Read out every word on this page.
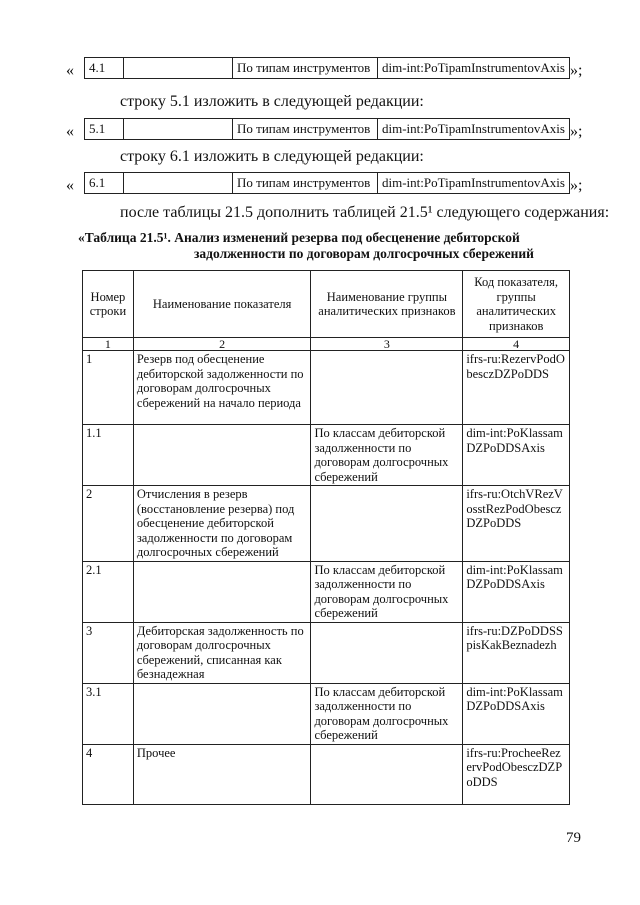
« 4.1		По типам инструментов	dim-int:PoTipamInstrumentovAxis »;
строку 5.1 изложить в следующей редакции:
« 5.1		По типам инструментов	dim-int:PoTipamInstrumentovAxis »;
строку 6.1 изложить в следующей редакции:
« 6.1		По типам инструментов	dim-int:PoTipamInstrumentovAxis »;
после таблицы 21.5 дополнить таблицей 21.5¹ следующего содержания:
«Таблица 21.5¹. Анализ изменений резерва под обесценение дебиторской
задолженности по договорам долгосрочных сбережений
Номер строки	Наименование показателя	Наименование группы аналитических признаков	Код показателя, группы аналитических признаков
1	2	3	4
1	Резерв под обесценение дебиторской задолженности по договорам долгосрочных сбережений на начало периода		ifrs-ru:RezervPodObesczDZPoDDS
1.1		По классам дебиторской задолженности по договорам долгосрочных сбережений	dim-int:PoKlassamDZPoDDSAxis
2	Отчисления в резерв (восстановление резерва) под обесценение дебиторской задолженности по договорам долгосрочных сбережений		ifrs-ru:OtchVRezVosstRezPodObesczDZPoDDS
2.1		По классам дебиторской задолженности по договорам долгосрочных сбережений	dim-int:PoKlassamDZPoDDSAxis
3	Дебиторская задолженность по договорам долгосрочных сбережений, списанная как безнадежная		ifrs-ru:DZPoDDSSpisKakBeznadezh
3.1		По классам дебиторской задолженности по договорам долгосрочных сбережений	dim-int:PoKlassamDZPoDDSAxis
4	Прочее		ifrs-ru:ProcheeRezervPodObesczDZPoDDS
79
